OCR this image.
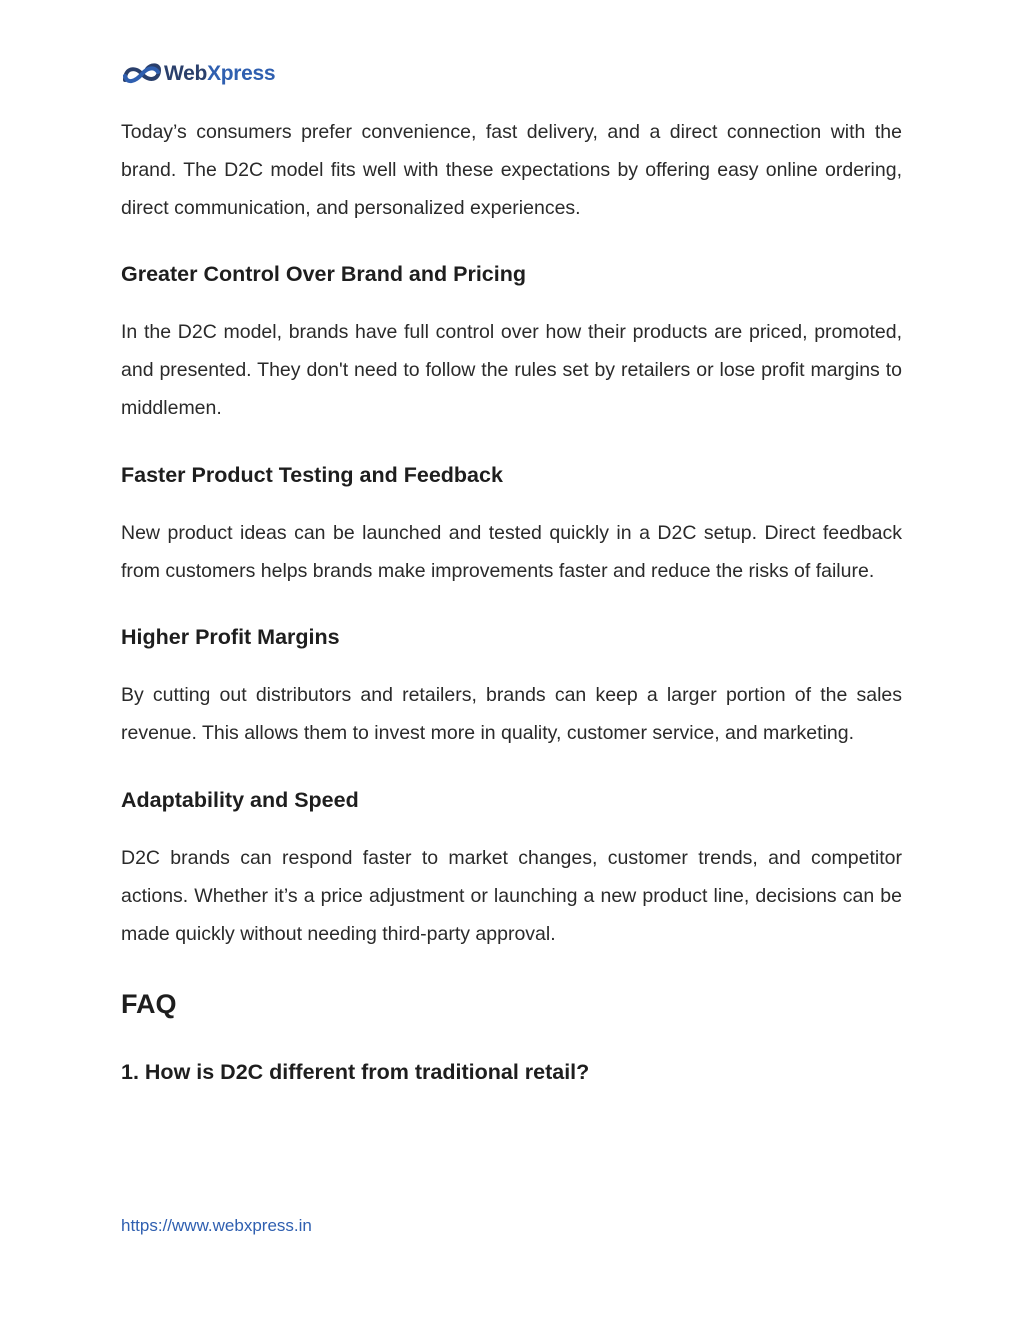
WebXpress

Today’s consumers prefer convenience, fast delivery, and a direct connection with the brand. The D2C model fits well with these expectations by offering easy online ordering, direct communication, and personalized experiences.

Greater Control Over Brand and Pricing

In the D2C model, brands have full control over how their products are priced, promoted, and presented. They don't need to follow the rules set by retailers or lose profit margins to middlemen.

Faster Product Testing and Feedback

New product ideas can be launched and tested quickly in a D2C setup. Direct feedback from customers helps brands make improvements faster and reduce the risks of failure.

Higher Profit Margins

By cutting out distributors and retailers, brands can keep a larger portion of the sales revenue. This allows them to invest more in quality, customer service, and marketing.

Adaptability and Speed

D2C brands can respond faster to market changes, customer trends, and competitor actions. Whether it’s a price adjustment or launching a new product line, decisions can be made quickly without needing third-party approval.

FAQ
1. How is D2C different from traditional retail?
https://www.webxpress.in
